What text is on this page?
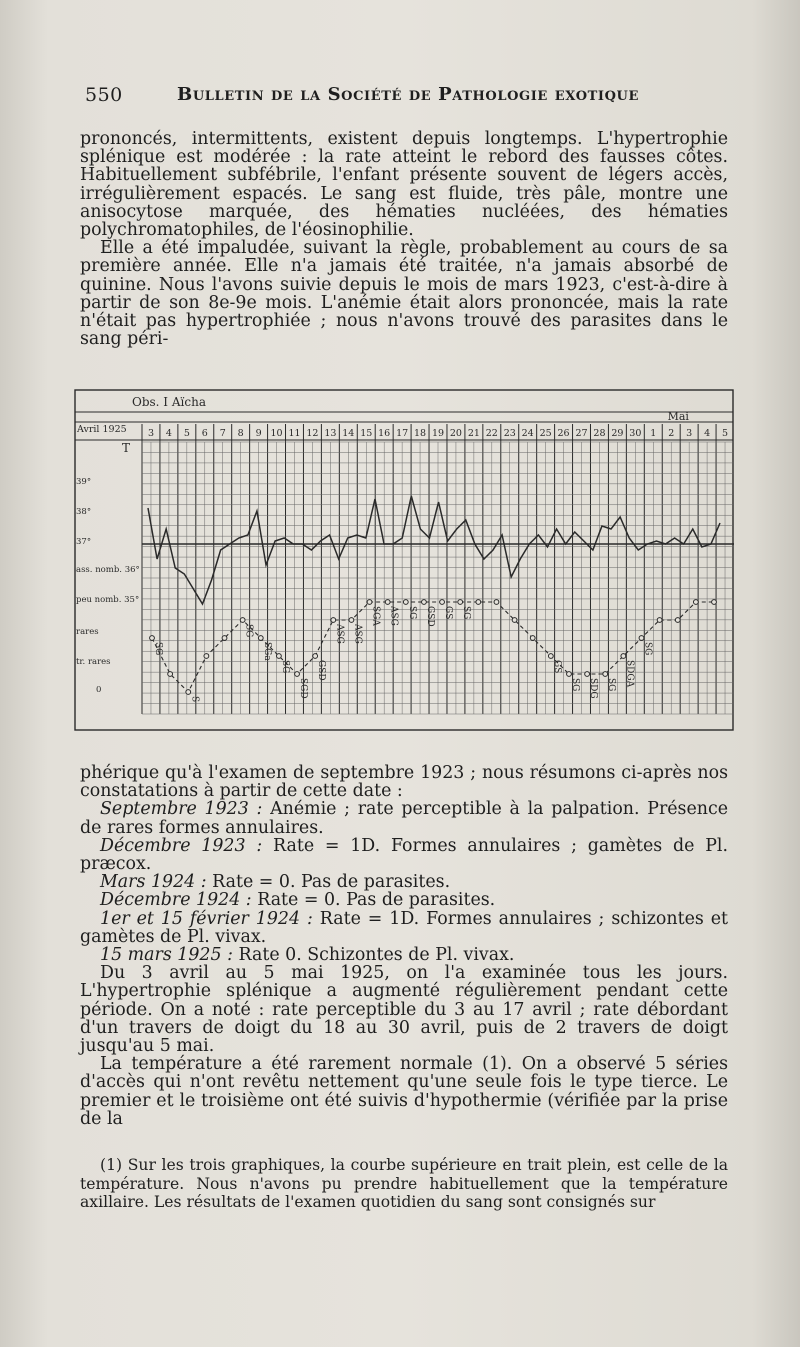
550	Bulletin de la Société de Pathologie exotique

prononcés, intermittents, existent depuis longtemps. L'hypertrophie splénique est modérée : la rate atteint le rebord des fausses côtes. Habituellement subfébrile, l'enfant présente souvent de légers accès, irrégulièrement espacés. Le sang est fluide, très pâle, montre une anisocytose marquée, des hématies nucléées, des hématies polychromatophiles, de l'éosinophilie.

Elle a été impaludée, suivant la règle, probablement au cours de sa première année. Elle n'a jamais été traitée, n'a jamais absorbé de quinine. Nous l'avons suivie depuis le mois de mars 1923, c'est-à-dire à partir de son 8e-9e mois. L'anémie était alors prononcée, mais la rate n'était pas hypertrophiée ; nous n'avons trouvé des parasites dans le sang péri-

Obs. I Aïcha
Avril 1925
Mai
3 4 5 6 7 8 9 10 11 12 13 14 15 16 17 18 19 20 21 22 23 24 25 26 27 28 29 30 1 2 3 4 5
T
39°
38°
37°
ass. nomb. 36°
peu nomb. 35°
rares
tr. rares
0
SG
S
SG
SGa
SG
SGD
GSD
ASG ASG
SGA ASG SG GSD GS SG
GS
SG SDG SG SDGA
SG

phérique qu'à l'examen de septembre 1923 ; nous résumons ci-après nos constatations à partir de cette date :

Septembre 1923 : Anémie ; rate perceptible à la palpation. Présence de rares formes annulaires.

Décembre 1923 : Rate = 1D. Formes annulaires ; gamètes de Pl. præcox.

Mars 1924 : Rate = 0. Pas de parasites.

Décembre 1924 : Rate = 0. Pas de parasites.

1er et 15 février 1924 : Rate = 1D. Formes annulaires ; schizontes et gamètes de Pl. vivax.

15 mars 1925 : Rate 0. Schizontes de Pl. vivax.

Du 3 avril au 5 mai 1925, on l'a examinée tous les jours. L'hypertrophie splénique a augmenté régulièrement pendant cette période. On a noté : rate perceptible du 3 au 17 avril ; rate débordant d'un travers de doigt du 18 au 30 avril, puis de 2 travers de doigt jusqu'au 5 mai.

La température a été rarement normale (1). On a observé 5 séries d'accès qui n'ont revêtu nettement qu'une seule fois le type tierce. Le premier et le troisième ont été suivis d'hypothermie (vérifiée par la prise de la

(1) Sur les trois graphiques, la courbe supérieure en trait plein, est celle de la température. Nous n'avons pu prendre habituellement que la température axillaire. Les résultats de l'examen quotidien du sang sont consignés sur
